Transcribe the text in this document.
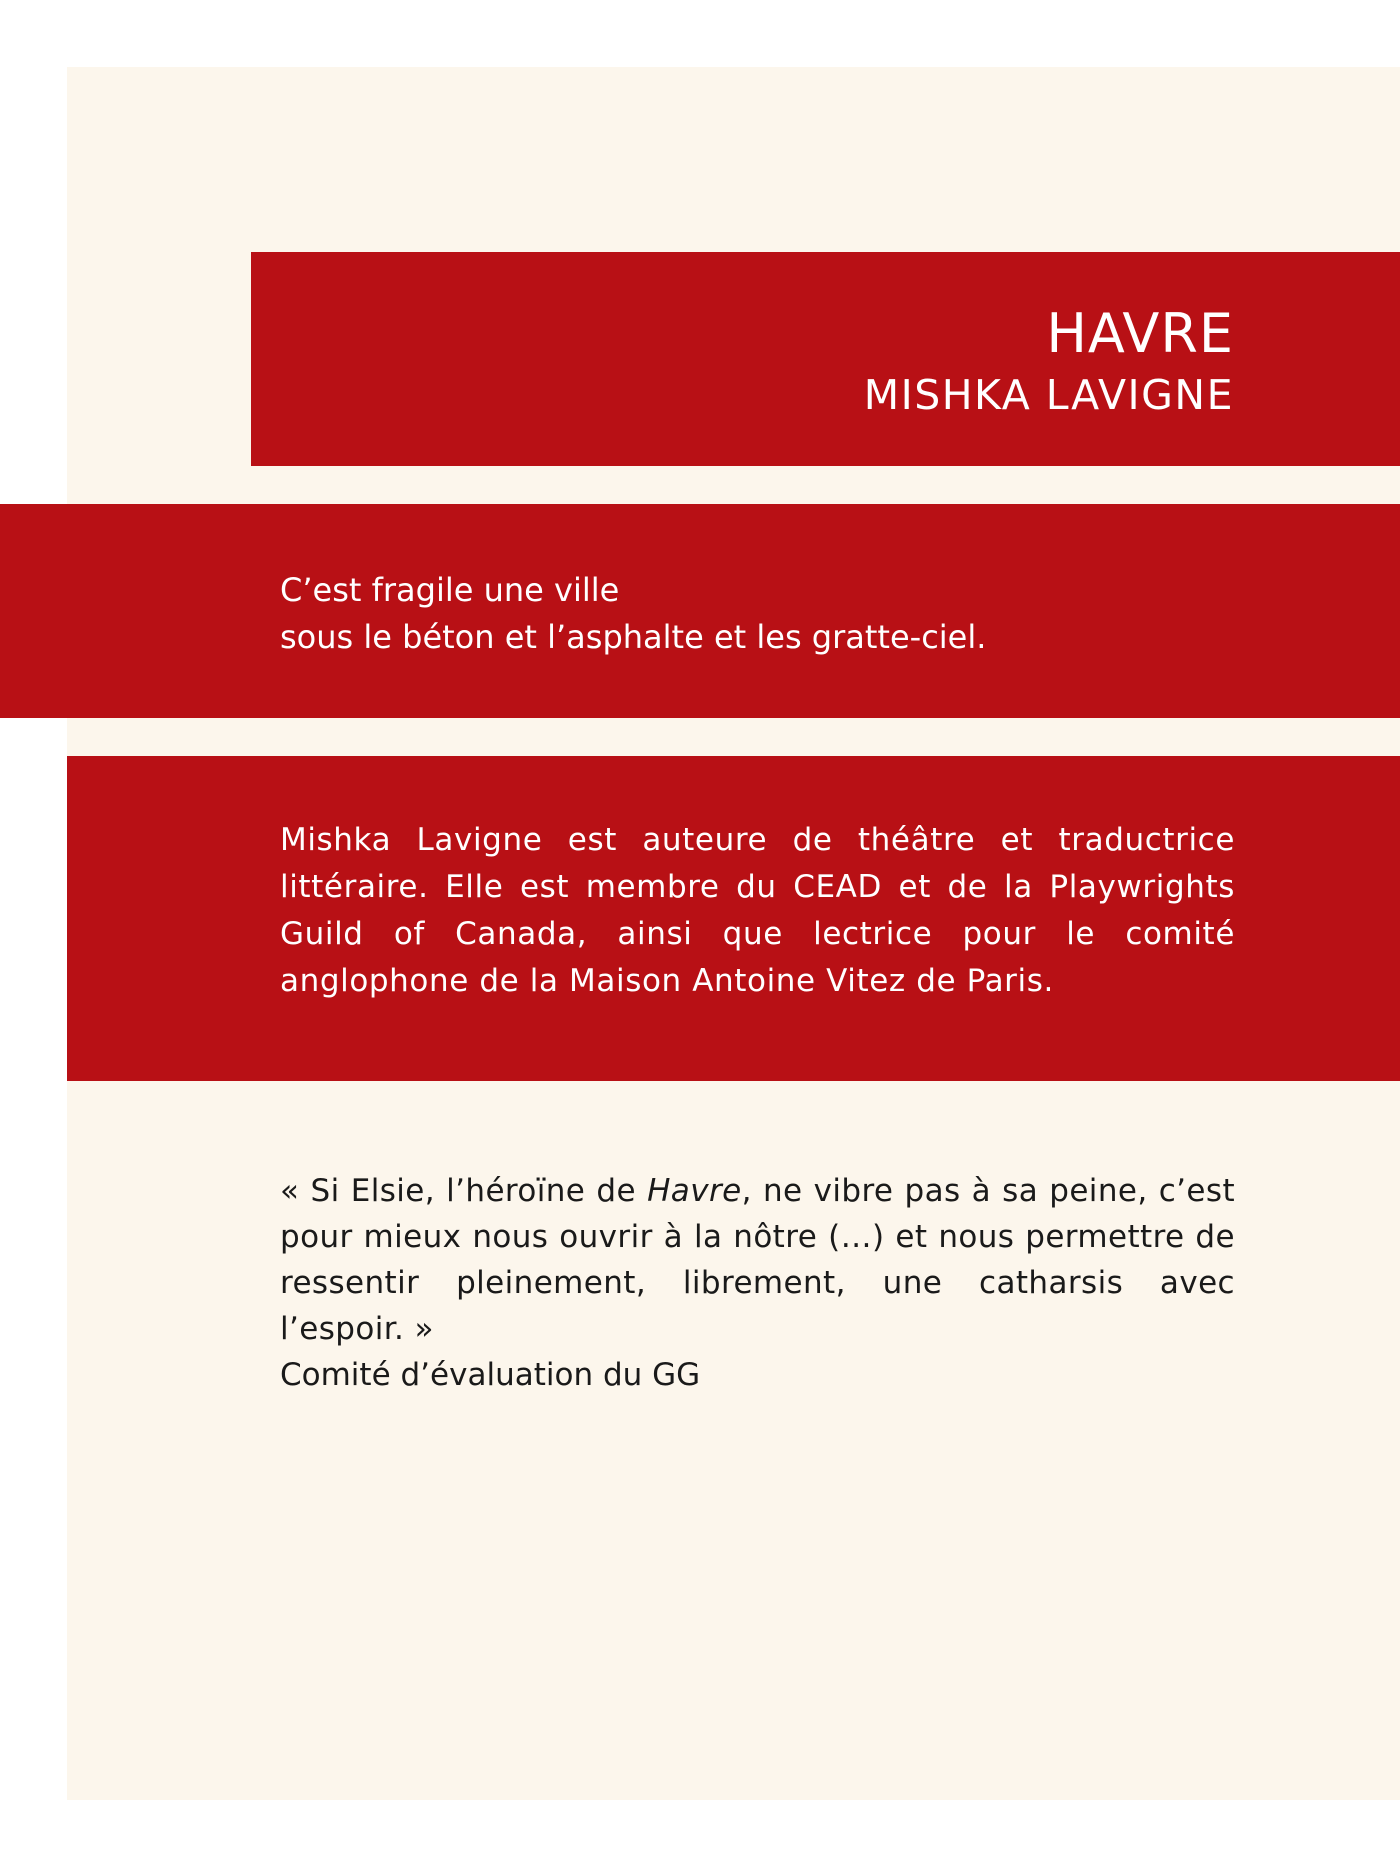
HAVRE
MISHKA LAVIGNE
C’est fragile une ville
sous le béton et l’asphalte et les gratte-ciel.
Mishka Lavigne est auteure de théâtre et traductrice littéraire. Elle est membre du CEAD et de la Playwrights Guild of Canada, ainsi que lectrice pour le comité anglophone de la Maison Antoine Vitez de Paris.
« Si Elsie, l’héroïne de Havre, ne vibre pas à sa peine, c’est pour mieux nous ouvrir à la nôtre (…) et nous permettre de ressentir pleinement, librement, une catharsis avec l’espoir. »
Comité d’évaluation du GG
